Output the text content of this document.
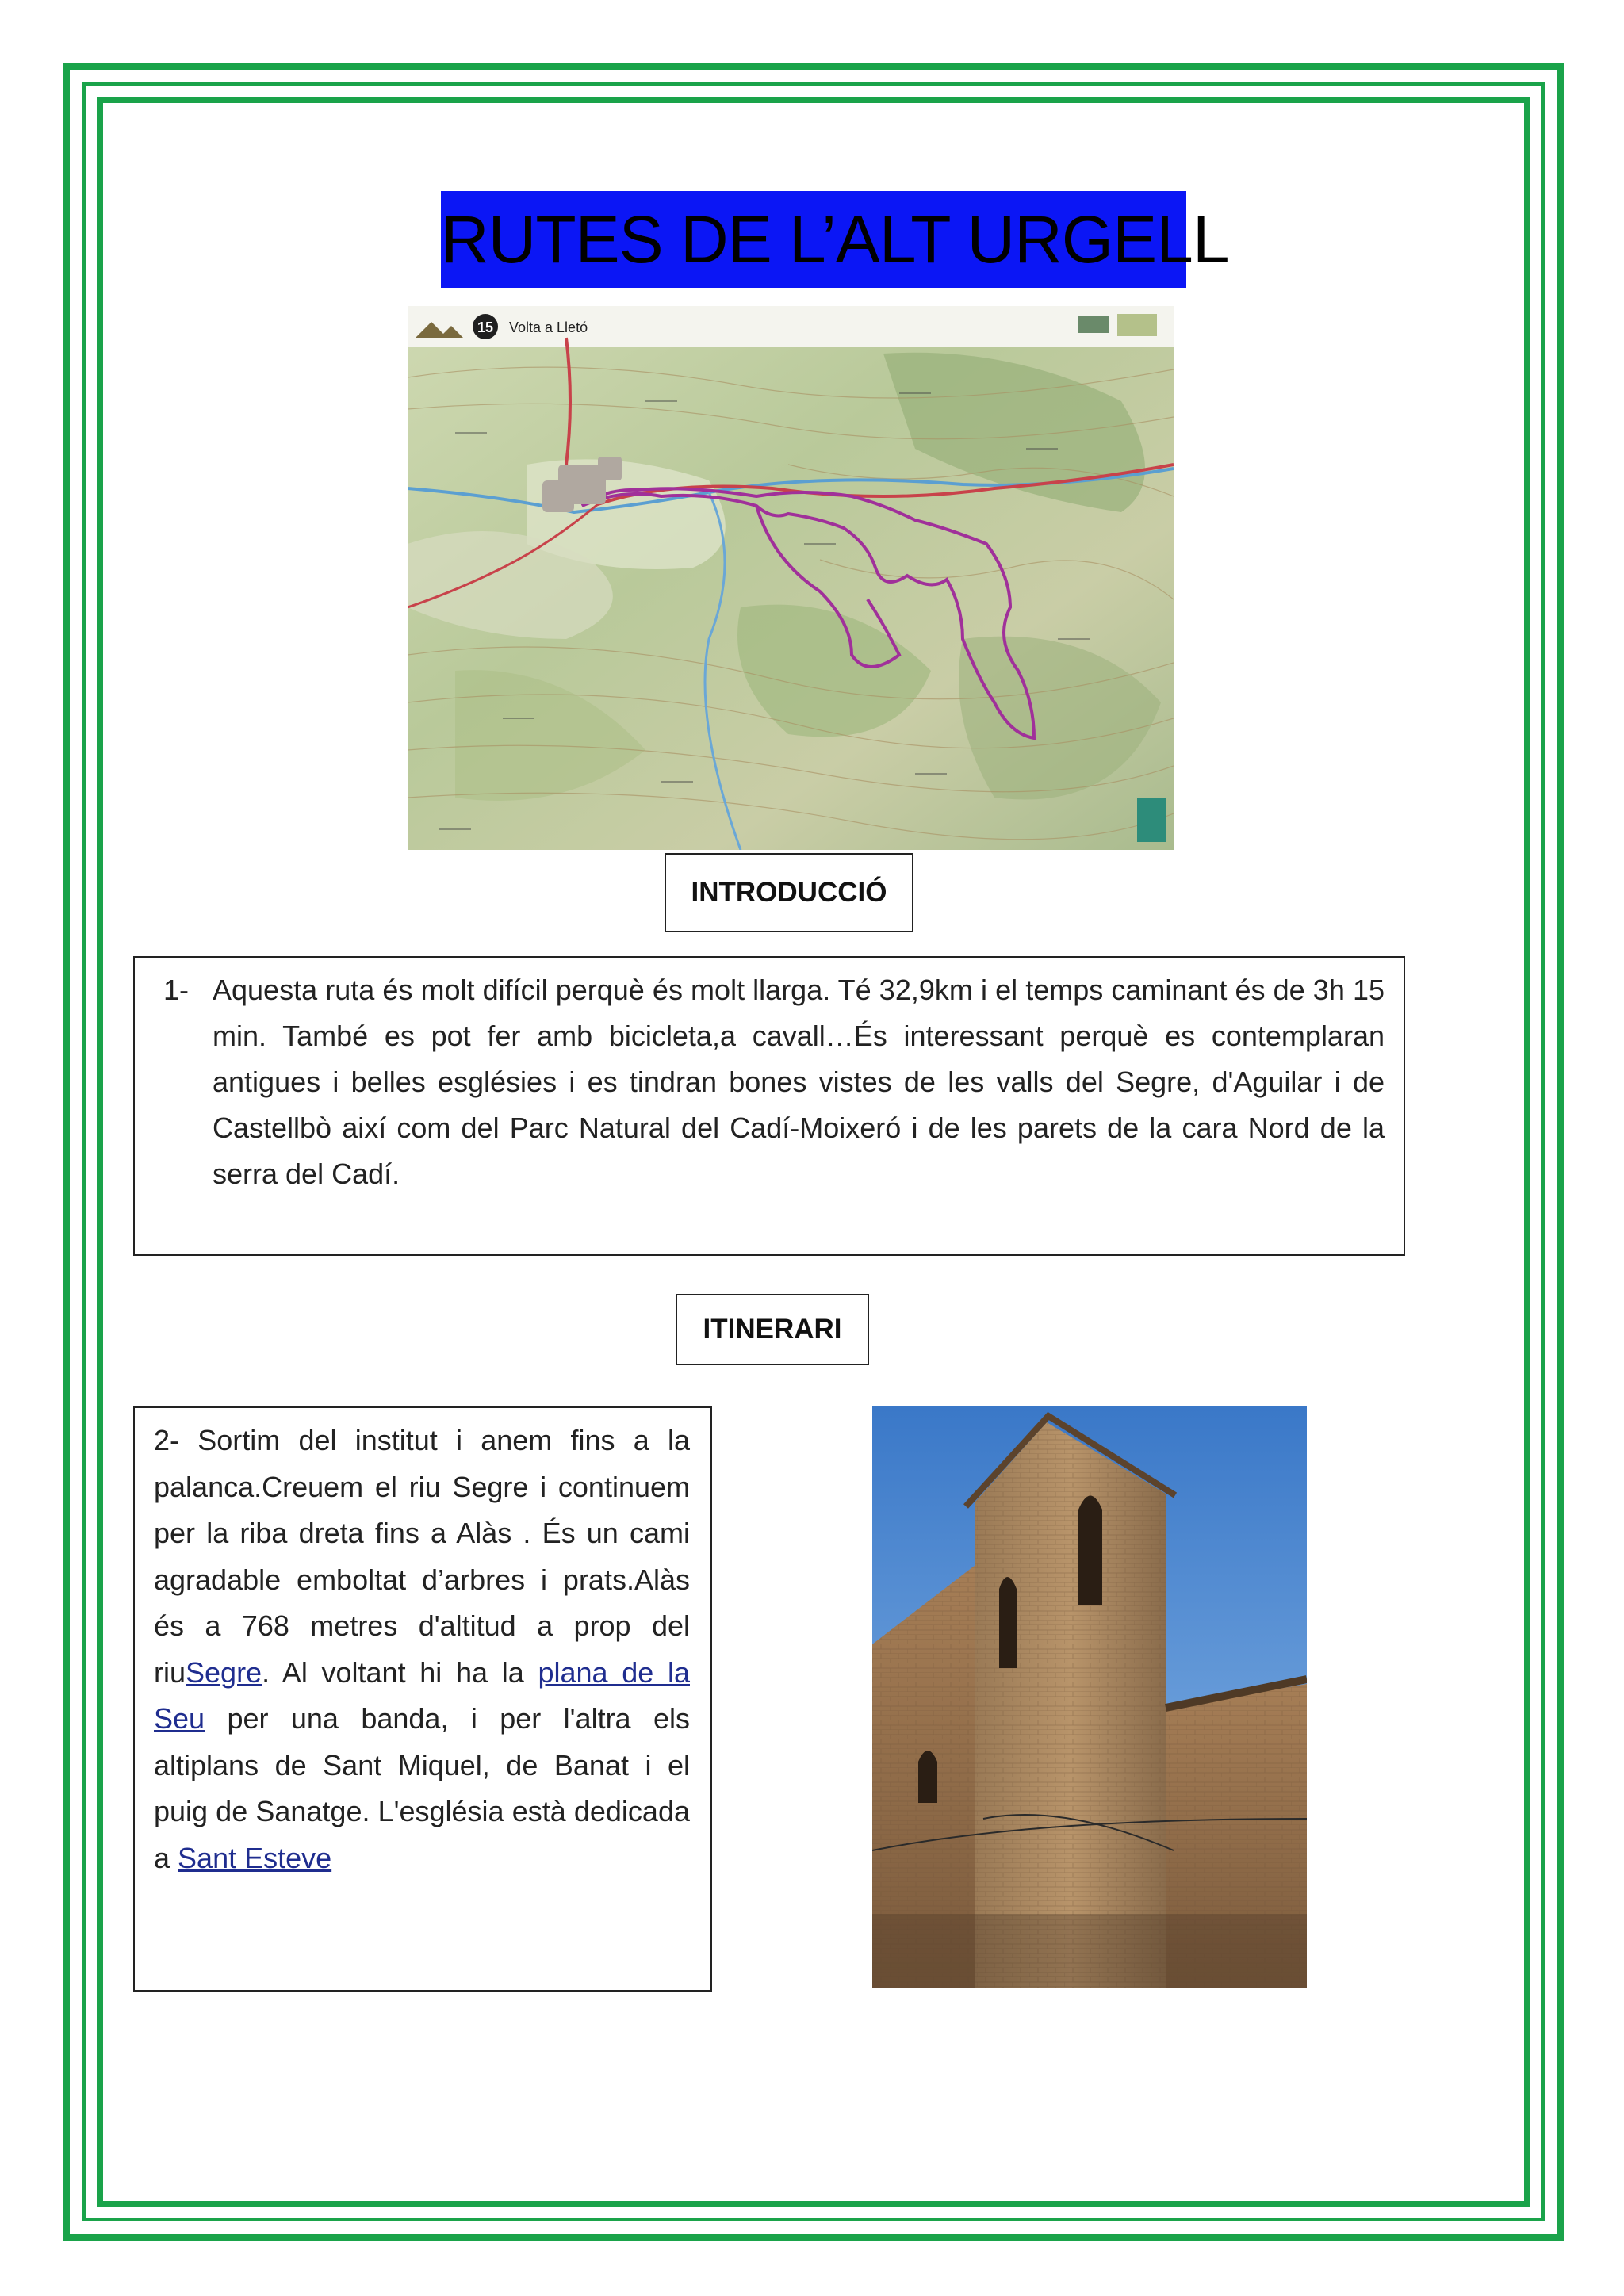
RUTES DE L’ALT URGELL
15 Volta a Lletó
INTRODUCCIÓ
1- Aquesta ruta és molt difícil perquè és molt llarga. Té 32,9km i el temps caminant és de 3h 15 min. També es pot fer amb bicicleta,a cavall…És interessant perquè es contemplaran antigues i belles esglésies i es tindran bones vistes de les valls del Segre, d'Aguilar i de Castellbò així com del Parc Natural del Cadí-Moixeró i de les parets de la cara Nord de la serra del Cadí.
ITINERARI
2- Sortim del institut i anem fins a la palanca.Creuem el riu Segre i continuem per la riba dreta fins a Alàs . És un cami agradable emboltat d’arbres i prats.Alàs és a 768 metres d'altitud a prop del riuSegre. Al voltant hi ha la plana de la Seu per una banda, i per l'altra els altiplans de Sant Miquel, de Banat i el puig de Sanatge. L'església està dedicada a Sant Esteve
